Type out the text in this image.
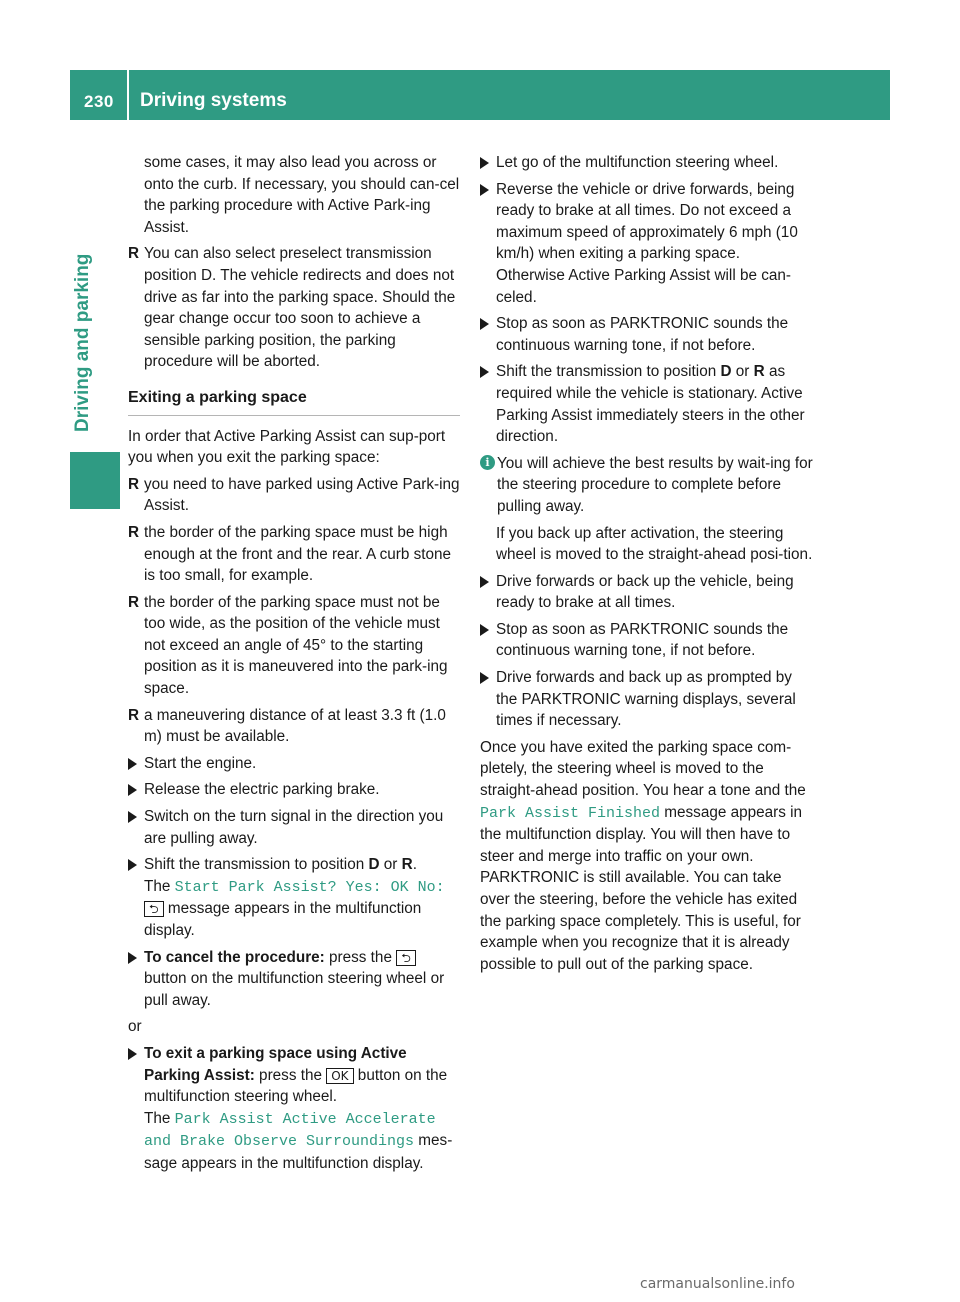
230 Driving systems
Driving and parking

some cases, it may also lead you across or onto the curb. If necessary, you should can-cel the parking procedure with Active Park-ing Assist.

R You can also select preselect transmission position D. The vehicle redirects and does not drive as far into the parking space. Should the gear change occur too soon to achieve a sensible parking position, the parking procedure will be aborted.
Exiting a parking space

In order that Active Parking Assist can sup-port you when you exit the parking space:

R you need to have parked using Active Park-ing Assist.
R the border of the parking space must be high enough at the front and the rear. A curb stone is too small, for example.
R the border of the parking space must not be too wide, as the position of the vehicle must not exceed an angle of 45° to the starting position as it is maneuvered into the park-ing space.
R a maneuvering distance of at least 3.3 ft (1.0 m) must be available.
Start the engine.
Release the electric parking brake.
Switch on the turn signal in the direction you are pulling away.
Shift the transmission to position D or R.
The Start Park Assist? Yes: OK No:
⮌ message appears in the multifunction display.
To cancel the procedure: press the ⮌ button on the multifunction steering wheel or pull away.

or

To exit a parking space using Active Parking Assist: press the OK button on the multifunction steering wheel.
The Park Assist Active Accelerate and Brake Observe Surroundings mes-sage appears in the multifunction display.
Let go of the multifunction steering wheel.
Reverse the vehicle or drive forwards, being ready to brake at all times. Do not exceed a maximum speed of approximately 6 mph (10 km/h) when exiting a parking space. Otherwise Active Parking Assist will be can-celed.
Stop as soon as PARKTRONIC sounds the continuous warning tone, if not before.
Shift the transmission to position D or R as required while the vehicle is stationary. Active Parking Assist immediately steers in the other direction.
i You will achieve the best results by wait-ing for the steering procedure to complete before pulling away.

If you back up after activation, the steering wheel is moved to the straight-ahead posi-tion.

Drive forwards or back up the vehicle, being ready to brake at all times.
Stop as soon as PARKTRONIC sounds the continuous warning tone, if not before.
Drive forwards and back up as prompted by the PARKTRONIC warning displays, several times if necessary.

Once you have exited the parking space com-pletely, the steering wheel is moved to the straight-ahead position. You hear a tone and the Park Assist Finished message appears in the multifunction display. You will then have to steer and merge into traffic on your own. PARKTRONIC is still available. You can take over the steering, before the vehicle has exited the parking space completely. This is useful, for example when you recognize that it is already possible to pull out of the parking space.

carmanualsonline.info
